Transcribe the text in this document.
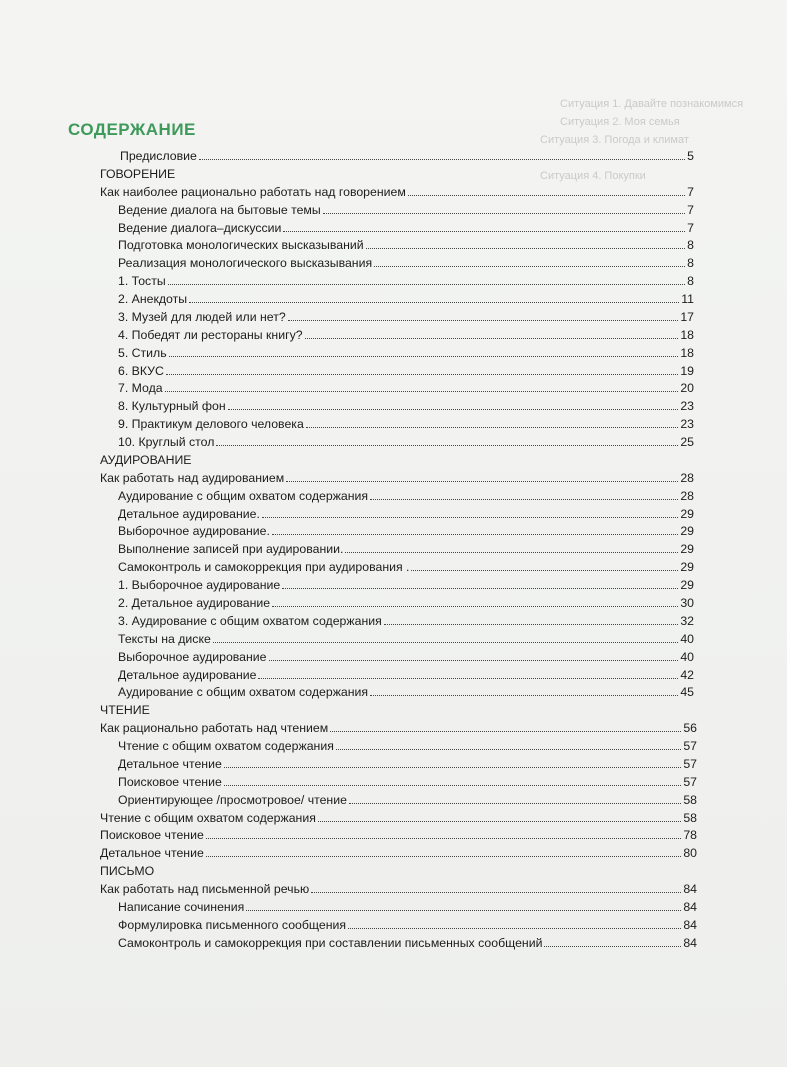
Ситуация 1. Давайте познакомимся
Ситуация 2. Моя семья
Ситуация 3. Погода и климат
Ситуация 4. Покупки
СОДЕРЖАНИЕ
Предисловие	5
ГОВОРЕНИЕ
Как наиболее рационально работать над говорением	7
Ведение диалога на бытовые темы	7
Ведение диалога–дискуссии	7
Подготовка монологических высказываний	8
Реализация монологического высказывания	8
1. Тосты	8
2. Анекдоты	11
3. Музей для людей или нет?	17
4. Победят ли рестораны книгу?	18
5. Стиль	18
6. ВКУС	19
7. Мода	20
8. Культурный фон	23
9. Практикум делового человека	23
10. Круглый стол	25
АУДИРОВАНИЕ
Как работать над аудированием	28
Аудирование с общим охватом содержания	28
Детальное аудирование.	29
Выборочное аудирование.	29
Выполнение записей при аудировании.	29
Самоконтроль и самокоррекция при аудирования .	29
1. Выборочное аудирование	29
2. Детальное аудирование	30
3. Аудирование с общим охватом содержания	32
Тексты на диске	40
Выборочное аудирование	40
Детальное аудирование	42
Аудирование с общим охватом содержания	45
ЧТЕНИЕ
Как рационально работать над чтением	56
Чтение с общим охватом содержания	57
Детальное чтение	57
Поисковое чтение	57
Ориентирующее /просмотровое/ чтение	58
Чтение с общим охватом содержания	58
Поисковое чтение	78
Детальное чтение	80
ПИСЬМО
Как работать над письменной речью	84
Написание сочинения	84
Формулировка письменного сообщения	84
Самоконтроль и самокоррекция при составлении письменных сообщений	84
